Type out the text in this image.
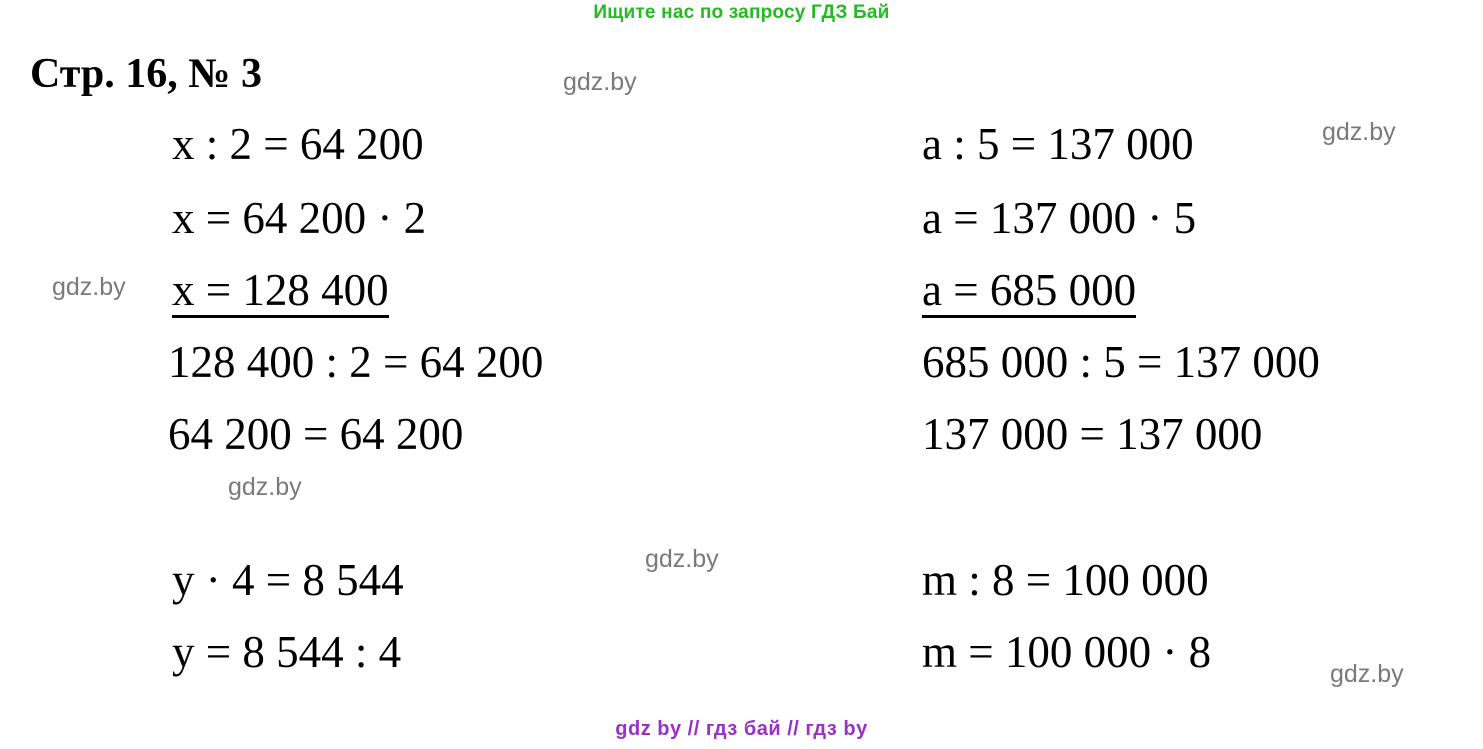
Ищите нас по запросу ГДЗ Бай
Стр. 16, № 3
x : 2 = 64 200
x = 64 200 · 2
x = 128 400
128 400 : 2 = 64 200
64 200 = 64 200
a : 5 = 137 000
a = 137 000 · 5
a = 685 000
685 000 : 5 = 137 000
137 000 = 137 000
y · 4 = 8 544
y = 8 544 : 4
m : 8 = 100 000
m = 100 000 · 8
gdz.by
gdz.by
gdz.by
gdz.by
gdz.by
gdz.by
gdz by // гдз бай // гдз by
